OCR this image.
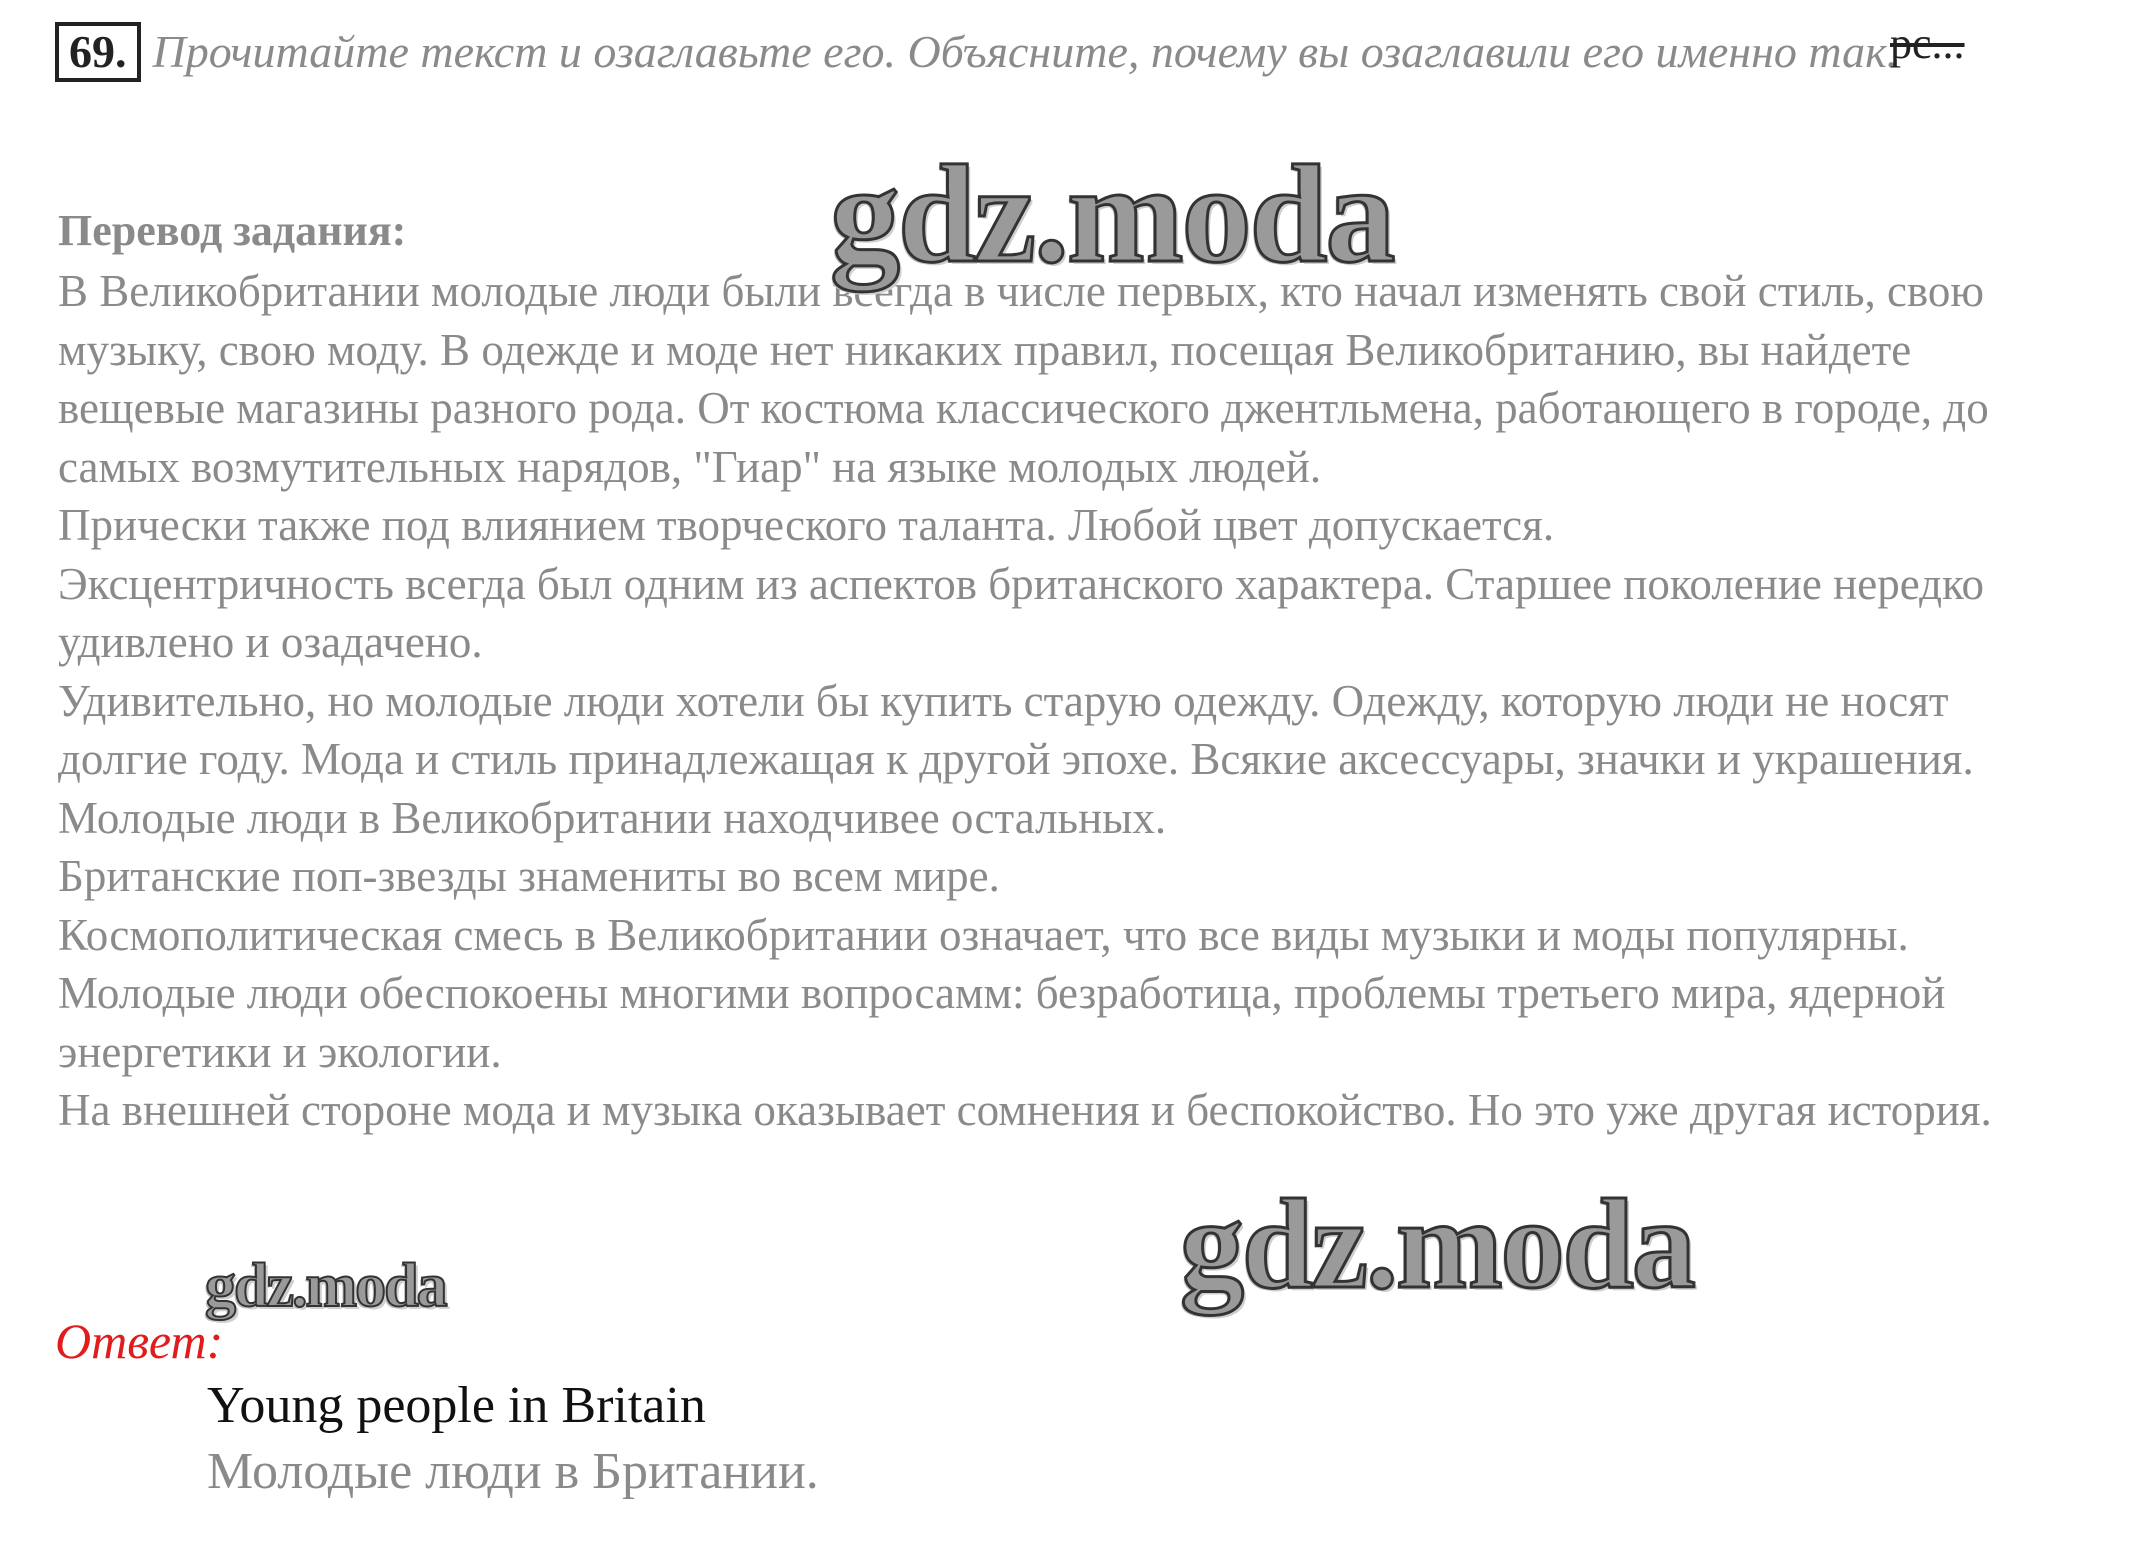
69. Прочитайте текст и озаглавьте его. Объясните, почему вы озаглавили его именно так.
рс...
Перевод задания:

В Великобритании молодые люди были всегда в числе первых, кто начал изменять свой стиль, свою музыку, свою моду. В одежде и моде нет никаких правил, посещая Великобританию, вы найдете вещевые магазины разного рода. От костюма классического джентльмена, работающего в городе, до самых возмутительных нарядов, "Гиар" на языке молодых людей.

Прически также под влиянием творческого таланта. Любой цвет допускается.

Эксцентричность всегда был одним из аспектов британского характера. Старшее поколение нередко удивлено и озадачено.

Удивительно, но молодые люди хотели бы купить старую одежду. Одежду, которую люди не носят долгие году. Мода и стиль принадлежащая к другой эпохе. Всякие аксессуары, значки и украшения. Молодые люди в Великобритании находчивее остальных.

Британские поп-звезды знамениты во всем мире.

Космополитическая смесь в Великобритании означает, что все виды музыки и моды популярны. Молодые люди обеспокоены многими вопросамм: безработица, проблемы третьего мира, ядерной энергетики и экологии.

На внешней стороне мода и музыка оказывает сомнения и беспокойство. Но это уже другая история.

gdz.moda
gdz.moda
gdz.moda
Ответ:
Young people in Britain
Молодые люди в Британии.
